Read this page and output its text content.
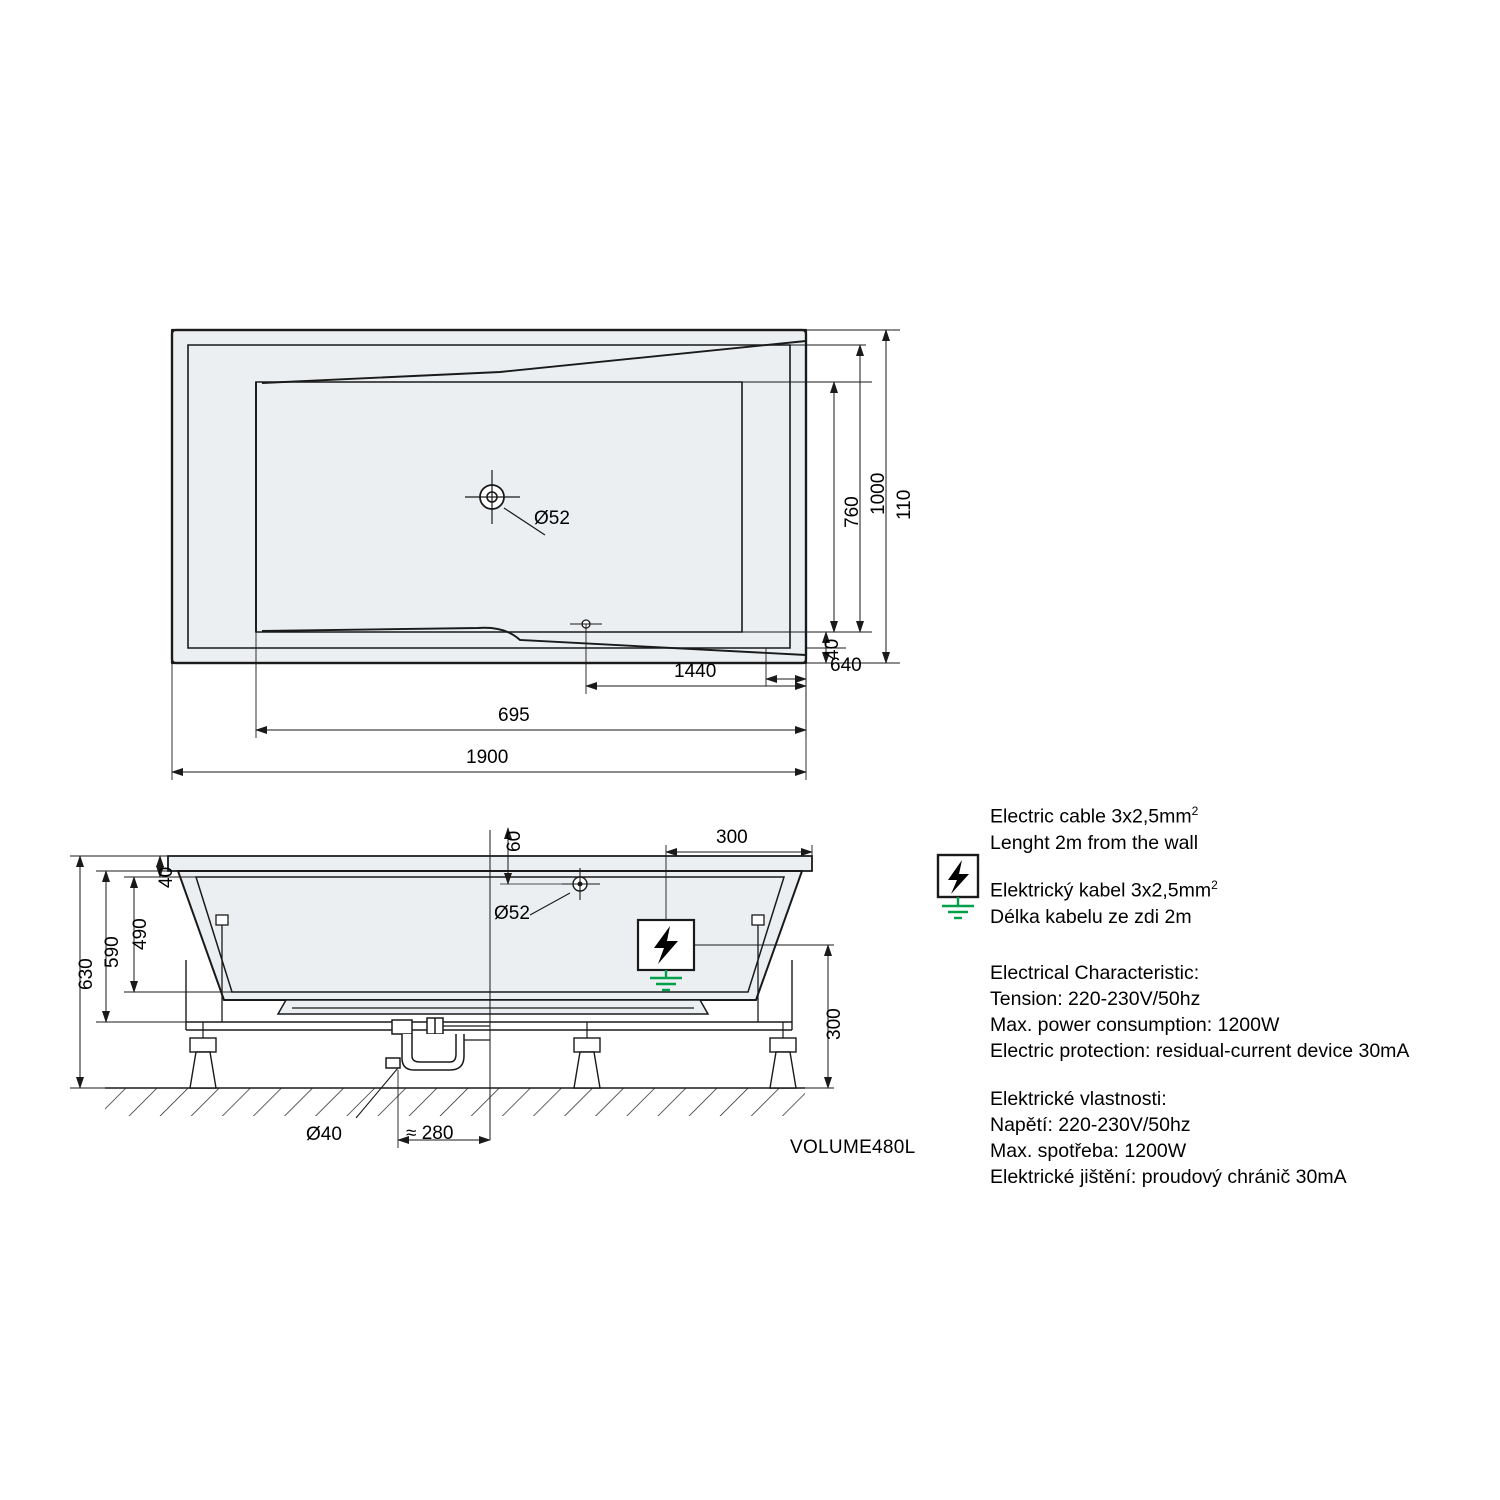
Ø52	110
1000
760
40
640
1440
695
1900
630
590
490
40
60	300
300
Ø52
Ø40	≈ 280
VOLUME480L
Electric cable $3x2,5mm^2$
Lenght 2m from the wall
Elektrický kabel $3x2,5mm^2$
Délka kabelu ze zdi 2m
Electrical Characteristic:
Tension: 220-230V/50hz
Max. power consumption: 1200W
Electric protection: residual-current device 30mA
Elektrické vlastnosti:
Napětí: 220-230V/50hz
Max. spotřeba: 1200W
Elektrické jištění: proudový chránič 30mA
